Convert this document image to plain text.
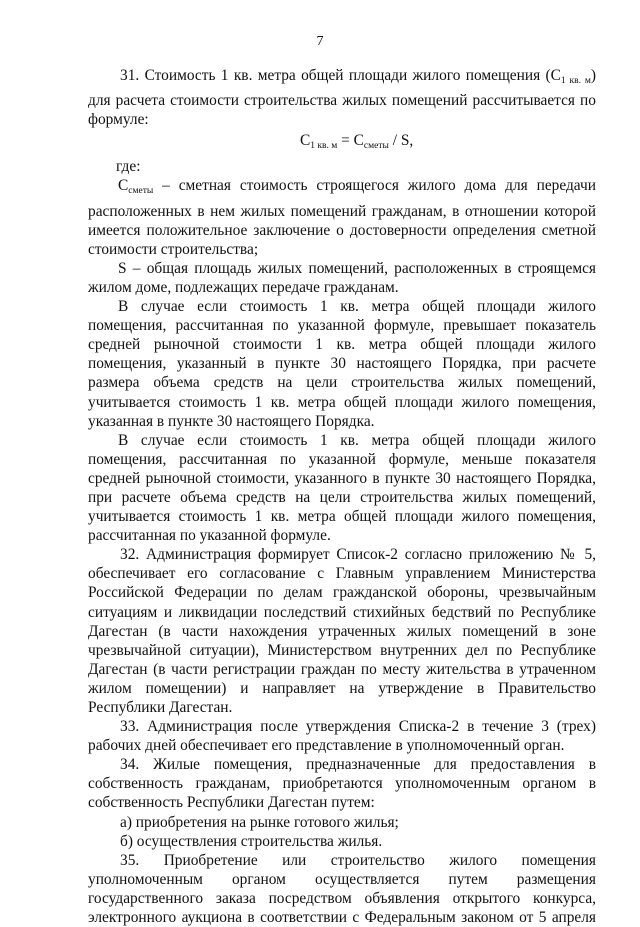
7

31. Стоимость 1 кв. метра общей площади жилого помещения $(С_{1 кв. м})$ для расчета стоимости строительства жилых помещений рассчитывается по формуле:

$С_{1 кв. м} = С_{сметы} / S$,

где:

$С_{сметы}$ – сметная стоимость строящегося жилого дома для передачи расположенных в нем жилых помещений гражданам, в отношении которой имеется положительное заключение о достоверности определения сметной стоимости строительства;

S – общая площадь жилых помещений, расположенных в строящемся жилом доме, подлежащих передаче гражданам.

В случае если стоимость 1 кв. метра общей площади жилого помещения, рассчитанная по указанной формуле, превышает показатель средней рыночной стоимости 1 кв. метра общей площади жилого помещения, указанный в пункте 30 настоящего Порядка, при расчете размера объема средств на цели строительства жилых помещений, учитывается стоимость 1 кв. метра общей площади жилого помещения, указанная в пункте 30 настоящего Порядка.

В случае если стоимость 1 кв. метра общей площади жилого помещения, рассчитанная по указанной формуле, меньше показателя средней рыночной стоимости, указанного в пункте 30 настоящего Порядка, при расчете объема средств на цели строительства жилых помещений, учитывается стоимость 1 кв. метра общей площади жилого помещения, рассчитанная по указанной формуле.

32. Администрация формирует Список-2 согласно приложению № 5, обеспечивает его согласование с Главным управлением Министерства Российской Федерации по делам гражданской обороны, чрезвычайным ситуациям и ликвидации последствий стихийных бедствий по Республике Дагестан (в части нахождения утраченных жилых помещений в зоне чрезвычайной ситуации), Министерством внутренних дел по Республике Дагестан (в части регистрации граждан по месту жительства в утраченном жилом помещении) и направляет на утверждение в Правительство Республики Дагестан.

33. Администрация после утверждения Списка-2 в течение 3 (трех) рабочих дней обеспечивает его представление в уполномоченный орган.

34. Жилые помещения, предназначенные для предоставления в собственность гражданам, приобретаются уполномоченным органом в собственность Республики Дагестан путем:

а) приобретения на рынке готового жилья;

б) осуществления строительства жилья.

35. Приобретение или строительство жилого помещения уполномоченным органом осуществляется путем размещения государственного заказа посредством объявления открытого конкурса, электронного аукциона в соответствии с Федеральным законом от 5 апреля
